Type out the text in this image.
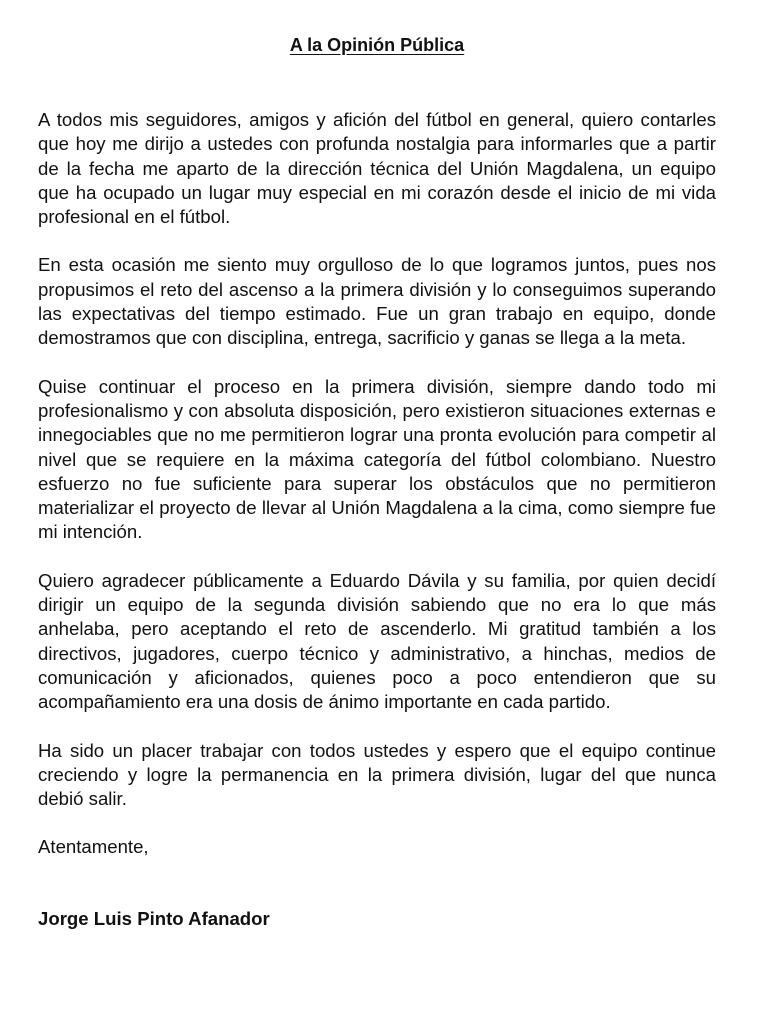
A la Opinión Pública

A todos mis seguidores, amigos y afición del fútbol en general, quiero contarles que hoy me dirijo a ustedes con profunda nostalgia para informarles que a partir de la fecha me aparto de la dirección técnica del Unión Magdalena, un equipo que ha ocupado un lugar muy especial en mi corazón desde el inicio de mi vida profesional en el fútbol.

En esta ocasión me siento muy orgulloso de lo que logramos juntos, pues nos propusimos el reto del ascenso a la primera división y lo conseguimos superando las expectativas del tiempo estimado. Fue un gran trabajo en equipo, donde demostramos que con disciplina, entrega, sacrificio y ganas se llega a la meta.

Quise continuar el proceso en la primera división, siempre dando todo mi profesionalismo y con absoluta disposición, pero existieron situaciones externas e innegociables que no me permitieron lograr una pronta evolución para competir al nivel que se requiere en la máxima categoría del fútbol colombiano. Nuestro esfuerzo no fue suficiente para superar los obstáculos que no permitieron materializar el proyecto de llevar al Unión Magdalena a la cima, como siempre fue mi intención.

Quiero agradecer públicamente a Eduardo Dávila y su familia, por quien decidí dirigir un equipo de la segunda división sabiendo que no era lo que más anhelaba, pero aceptando el reto de ascenderlo. Mi gratitud también a los directivos, jugadores, cuerpo técnico y administrativo, a hinchas, medios de comunicación y aficionados, quienes poco a poco entendieron que su acompañamiento era una dosis de ánimo importante en cada partido.

Ha sido un placer trabajar con todos ustedes y espero que el equipo continue creciendo y logre la permanencia en la primera división, lugar del que nunca debió salir.

Atentamente,

Jorge Luis Pinto Afanador
